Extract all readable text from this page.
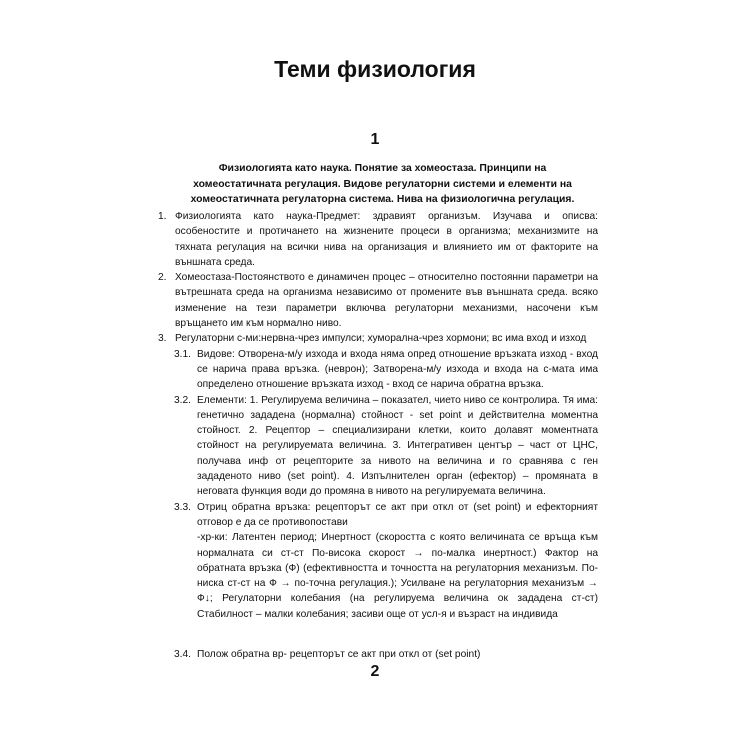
Теми физиология
1
Физиологията като наука. Понятие за хомеостаза. Принципи на хомеостатичната регулация. Видове регулаторни системи и елементи на хомеостатичната регулаторна система. Нива на физиологична регулация.
1. Физиологията като наука-Предмет: здравият организъм. Изучава и описва: особеностите и протичането на жизнените процеси в организма; механизмите на тяхната регулация на всички нива на организация и влиянието им от факторите на външната среда.
2. Хомеостаза-Постоянството е динамичен процес – относително постоянни параметри на вътрешната среда на организма независимо от промените във външната среда. всяко изменение на тези параметри включва регулаторни механизми, насочени към връщането им към нормално ниво.
3. Регулаторни с-ми:нервна-чрез импулси; хуморална-чрез хормони; вс има вход и изход
3.1. Видове: Отворена-м/у изхода и входа няма опред отношение връзката изход - вход се нарича права връзка. (неврон); Затворена-м/у изхода и входа на с-мата има определено отношение връзката изход - вход се нарича обратна връзка.
3.2. Елементи: 1. Регулируема величина – показател, чието ниво се контролира. Тя има: генетично зададена (нормална) стойност - set point и действителна моментна стойност. 2. Рецептор – специализирани клетки, които долавят моментната стойност на регулируемата величина. 3. Интегративен център – част от ЦНС, получава инф от рецепторите за нивото на величина и го сравнява с ген зададеното ниво (set point). 4. Изпълнителен орган (ефектор) – промяната в неговата функция води до промяна в нивото на регулируемата величина.
3.3. Отриц обратна връзка: рецепторът се акт при откл от (set point) и ефекторният отговор е да се противопостави
-хр-ки: Латентен период; Инертност (скоростта с която величината се връща към нормалната си ст-ст По-висока скорост → по-малка инертност.) Фактор на обратната връзка (Ф) (ефективността и точността на регулаторния механизъм. По-ниска ст-ст на Ф → по-точна регулация.); Усилване на регулаторния механизъм → Ф↓; Регулаторни колебания (на регулируема величина ок зададена ст-ст) Стабилност – малки колебания; засиви още от усл-я и възраст на индивида
3.4. Полож обратна вр- рецепторът се акт при откл от (set point)
2
